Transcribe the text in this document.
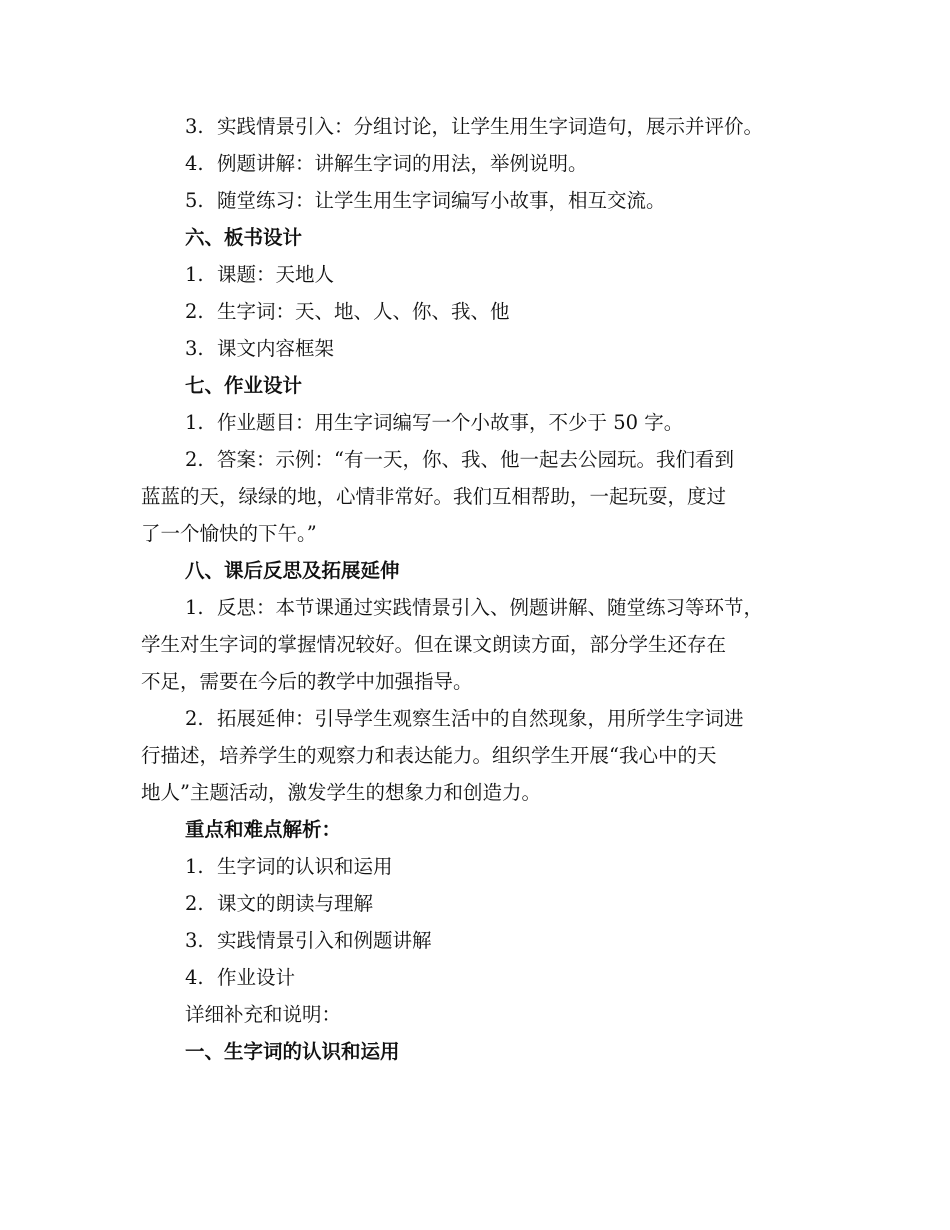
3. 实践情景引入：分组讨论，让学生用生字词造句，展示并评价。
4. 例题讲解：讲解生字词的用法，举例说明。
5. 随堂练习：让学生用生字词编写小故事，相互交流。
六、板书设计
1. 课题：天地人
2. 生字词：天、地、人、你、我、他
3. 课文内容框架
七、作业设计
1. 作业题目：用生字词编写一个小故事，不少于 50 字。
2. 答案：示例：“有一天，你、我、他一起去公园玩。我们看到
蓝蓝的天，绿绿的地，心情非常好。我们互相帮助，一起玩耍，度过
了一个愉快的下午。”
八、课后反思及拓展延伸
1. 反思：本节课通过实践情景引入、例题讲解、随堂练习等环节，
学生对生字词的掌握情况较好。但在课文朗读方面，部分学生还存在
不足，需要在今后的教学中加强指导。
2. 拓展延伸：引导学生观察生活中的自然现象，用所学生字词进
行描述，培养学生的观察力和表达能力。组织学生开展“我心中的天
地人”主题活动，激发学生的想象力和创造力。
重点和难点解析：
1. 生字词的认识和运用
2. 课文的朗读与理解
3. 实践情景引入和例题讲解
4. 作业设计
详细补充和说明：
一、生字词的认识和运用
